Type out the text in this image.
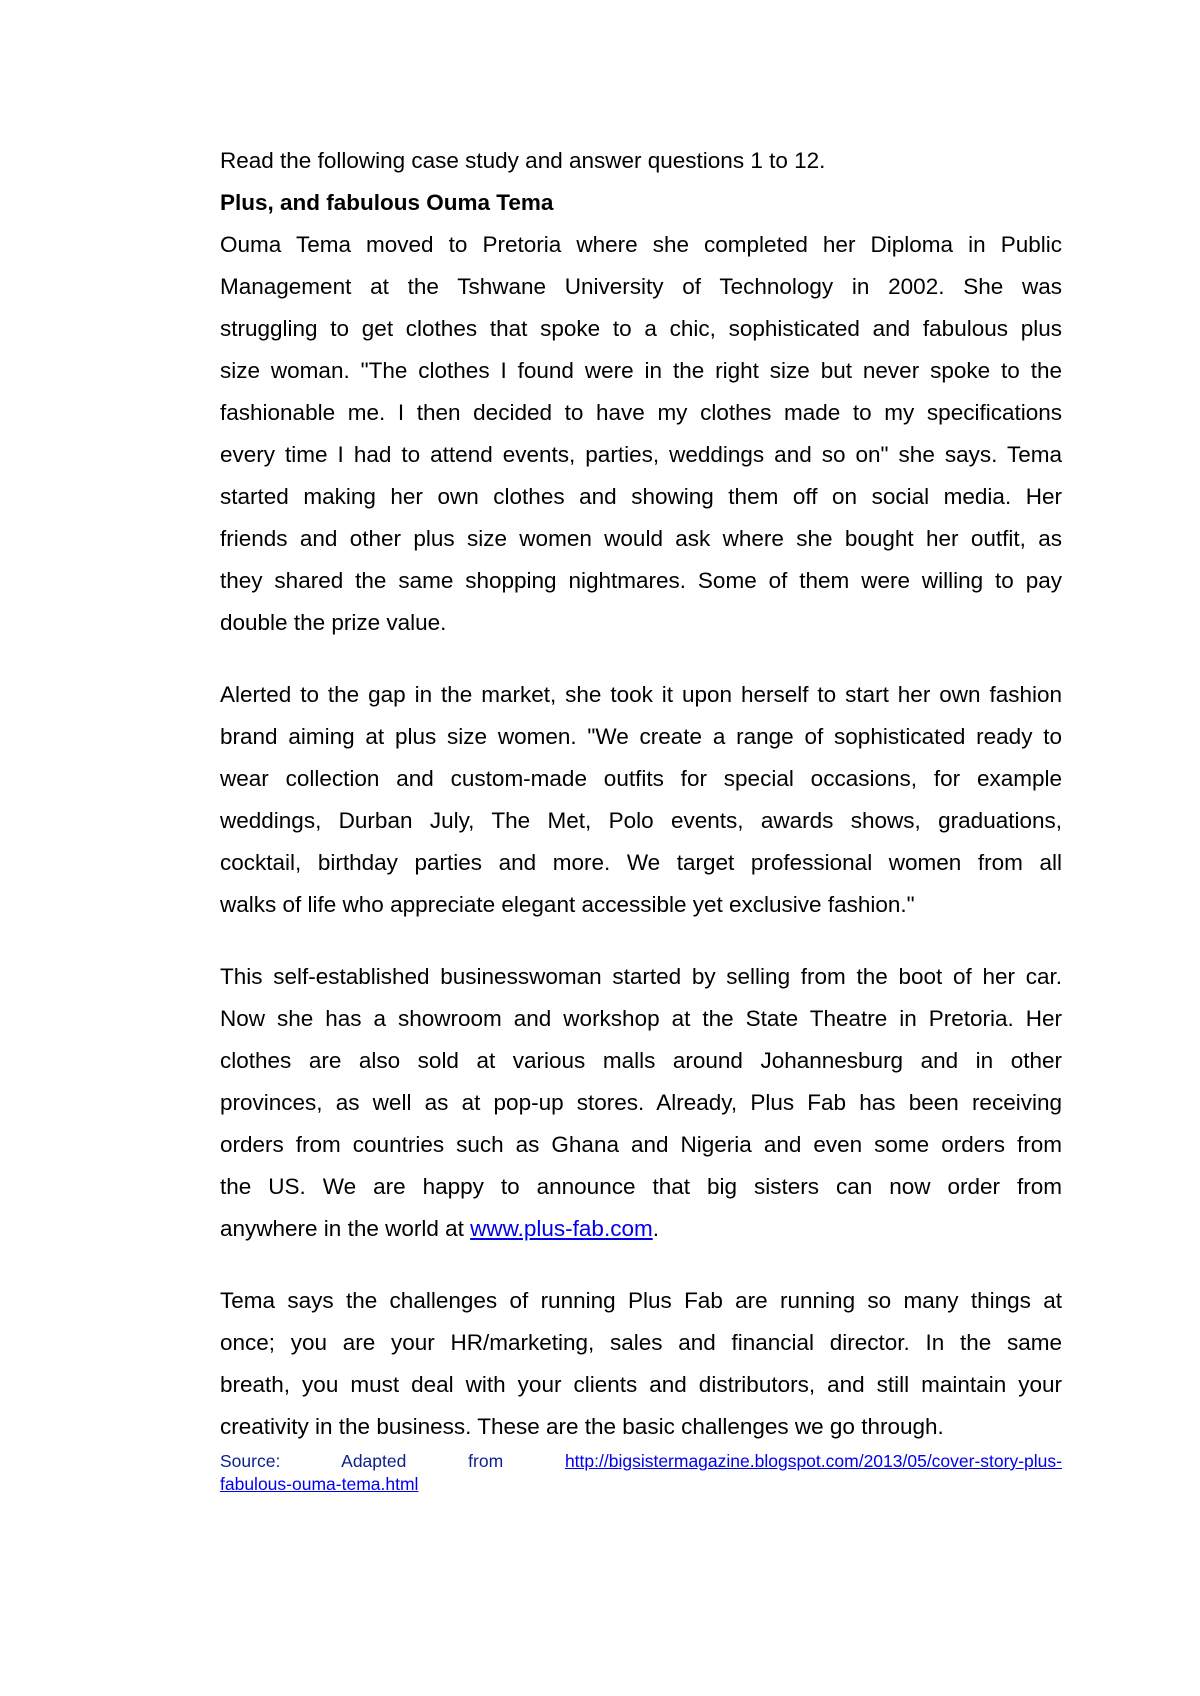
Read the following case study and answer questions 1 to 12.
Plus, and fabulous Ouma Tema
Ouma Tema moved to Pretoria where she completed her Diploma in Public
Management at the Tshwane University of Technology in 2002. She was
struggling to get clothes that spoke to a chic, sophisticated and fabulous plus
size woman. "The clothes I found were in the right size but never spoke to the
fashionable me. I then decided to have my clothes made to my specifications
every time I had to attend events, parties, weddings and so on" she says. Tema
started making her own clothes and showing them off on social media. Her
friends and other plus size women would ask where she bought her outfit, as
they shared the same shopping nightmares. Some of them were willing to pay
double the prize value.
Alerted to the gap in the market, she took it upon herself to start her own fashion
brand aiming at plus size women. "We create a range of sophisticated ready to
wear collection and custom-made outfits for special occasions, for example
weddings, Durban July, The Met, Polo events, awards shows, graduations,
cocktail, birthday parties and more. We target professional women from all
walks of life who appreciate elegant accessible yet exclusive fashion."
This self-established businesswoman started by selling from the boot of her car.
Now she has a showroom and workshop at the State Theatre in Pretoria. Her
clothes are also sold at various malls around Johannesburg and in other
provinces, as well as at pop-up stores. Already, Plus Fab has been receiving
orders from countries such as Ghana and Nigeria and even some orders from
the US. We are happy to announce that big sisters can now order from
anywhere in the world at www.plus-fab.com.
Tema says the challenges of running Plus Fab are running so many things at
once; you are your HR/marketing, sales and financial director. In the same
breath, you must deal with your clients and distributors, and still maintain your
creativity in the business. These are the basic challenges we go through.
Source:	Adapted	from	http://bigsistermagazine.blogspot.com/2013/05/cover-story-plus-
fabulous-ouma-tema.html
